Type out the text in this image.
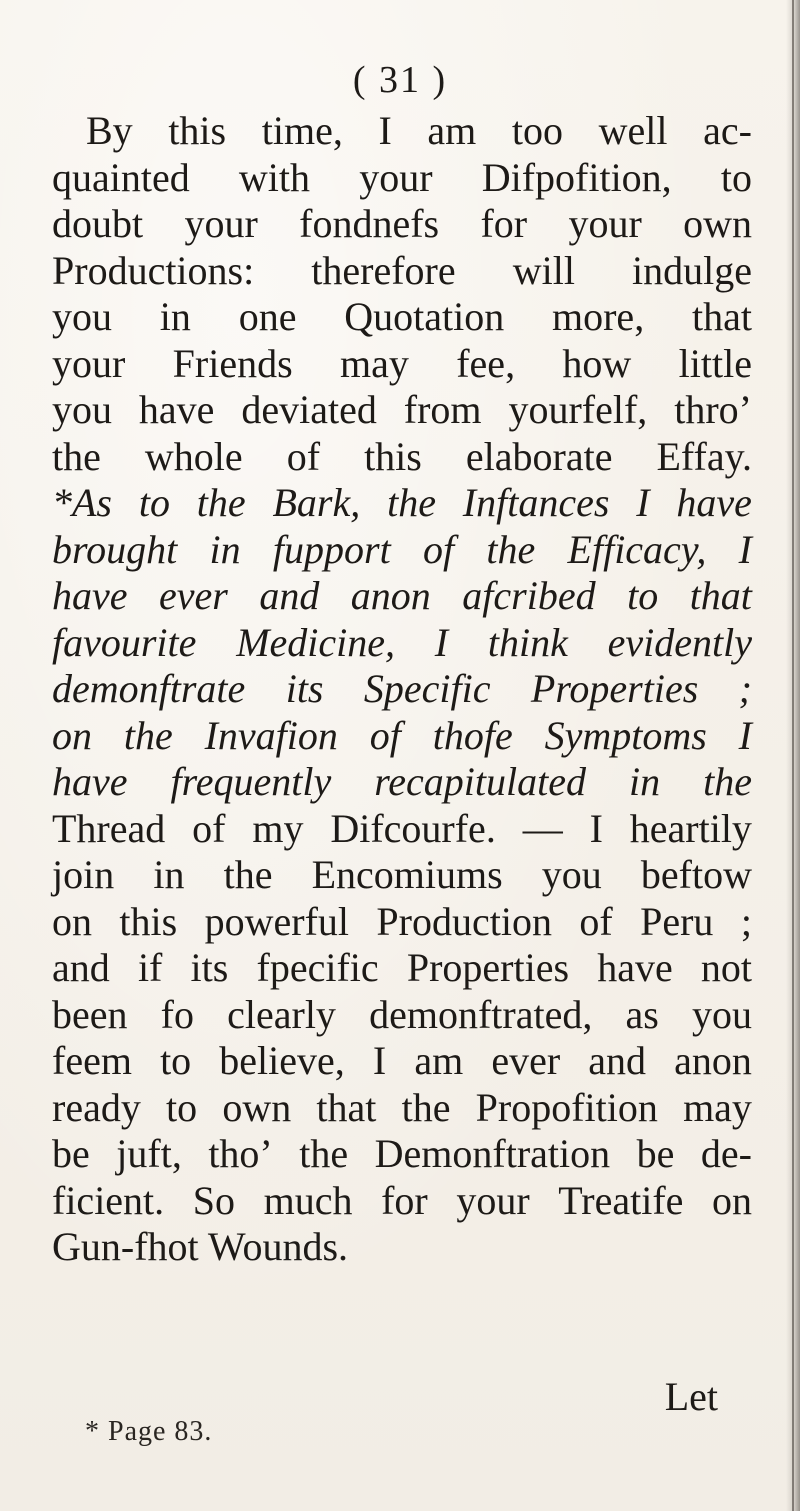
( 31 )
By this time, I am too well ac-
quainted with your Difpofition, to
doubt your fondnefs for your own
Productions: therefore will indulge
you in one Quotation more, that
your Friends may fee, how little
you have deviated from yourfelf, thro’
the whole of this elaborate Effay.
*As to the Bark, the Inftances I have
brought in fupport of the Efficacy, I
have ever and anon afcribed to that
favourite Medicine, I think evidently
demonftrate its Specific Properties ;
on the Invafion of thofe Symptoms I
have frequently recapitulated in the
Thread of my Difcourfe. — I heartily
join in the Encomiums you beftow
on this powerful Production of Peru ;
and if its fpecific Properties have not
been fo clearly demonftrated, as you
feem to believe, I am ever and anon
ready to own that the Propofition may
be juft, tho’ the Demonftration be de-
ficient. So much for your Treatife on
Gun-fhot Wounds.
Let
* Page 83.
